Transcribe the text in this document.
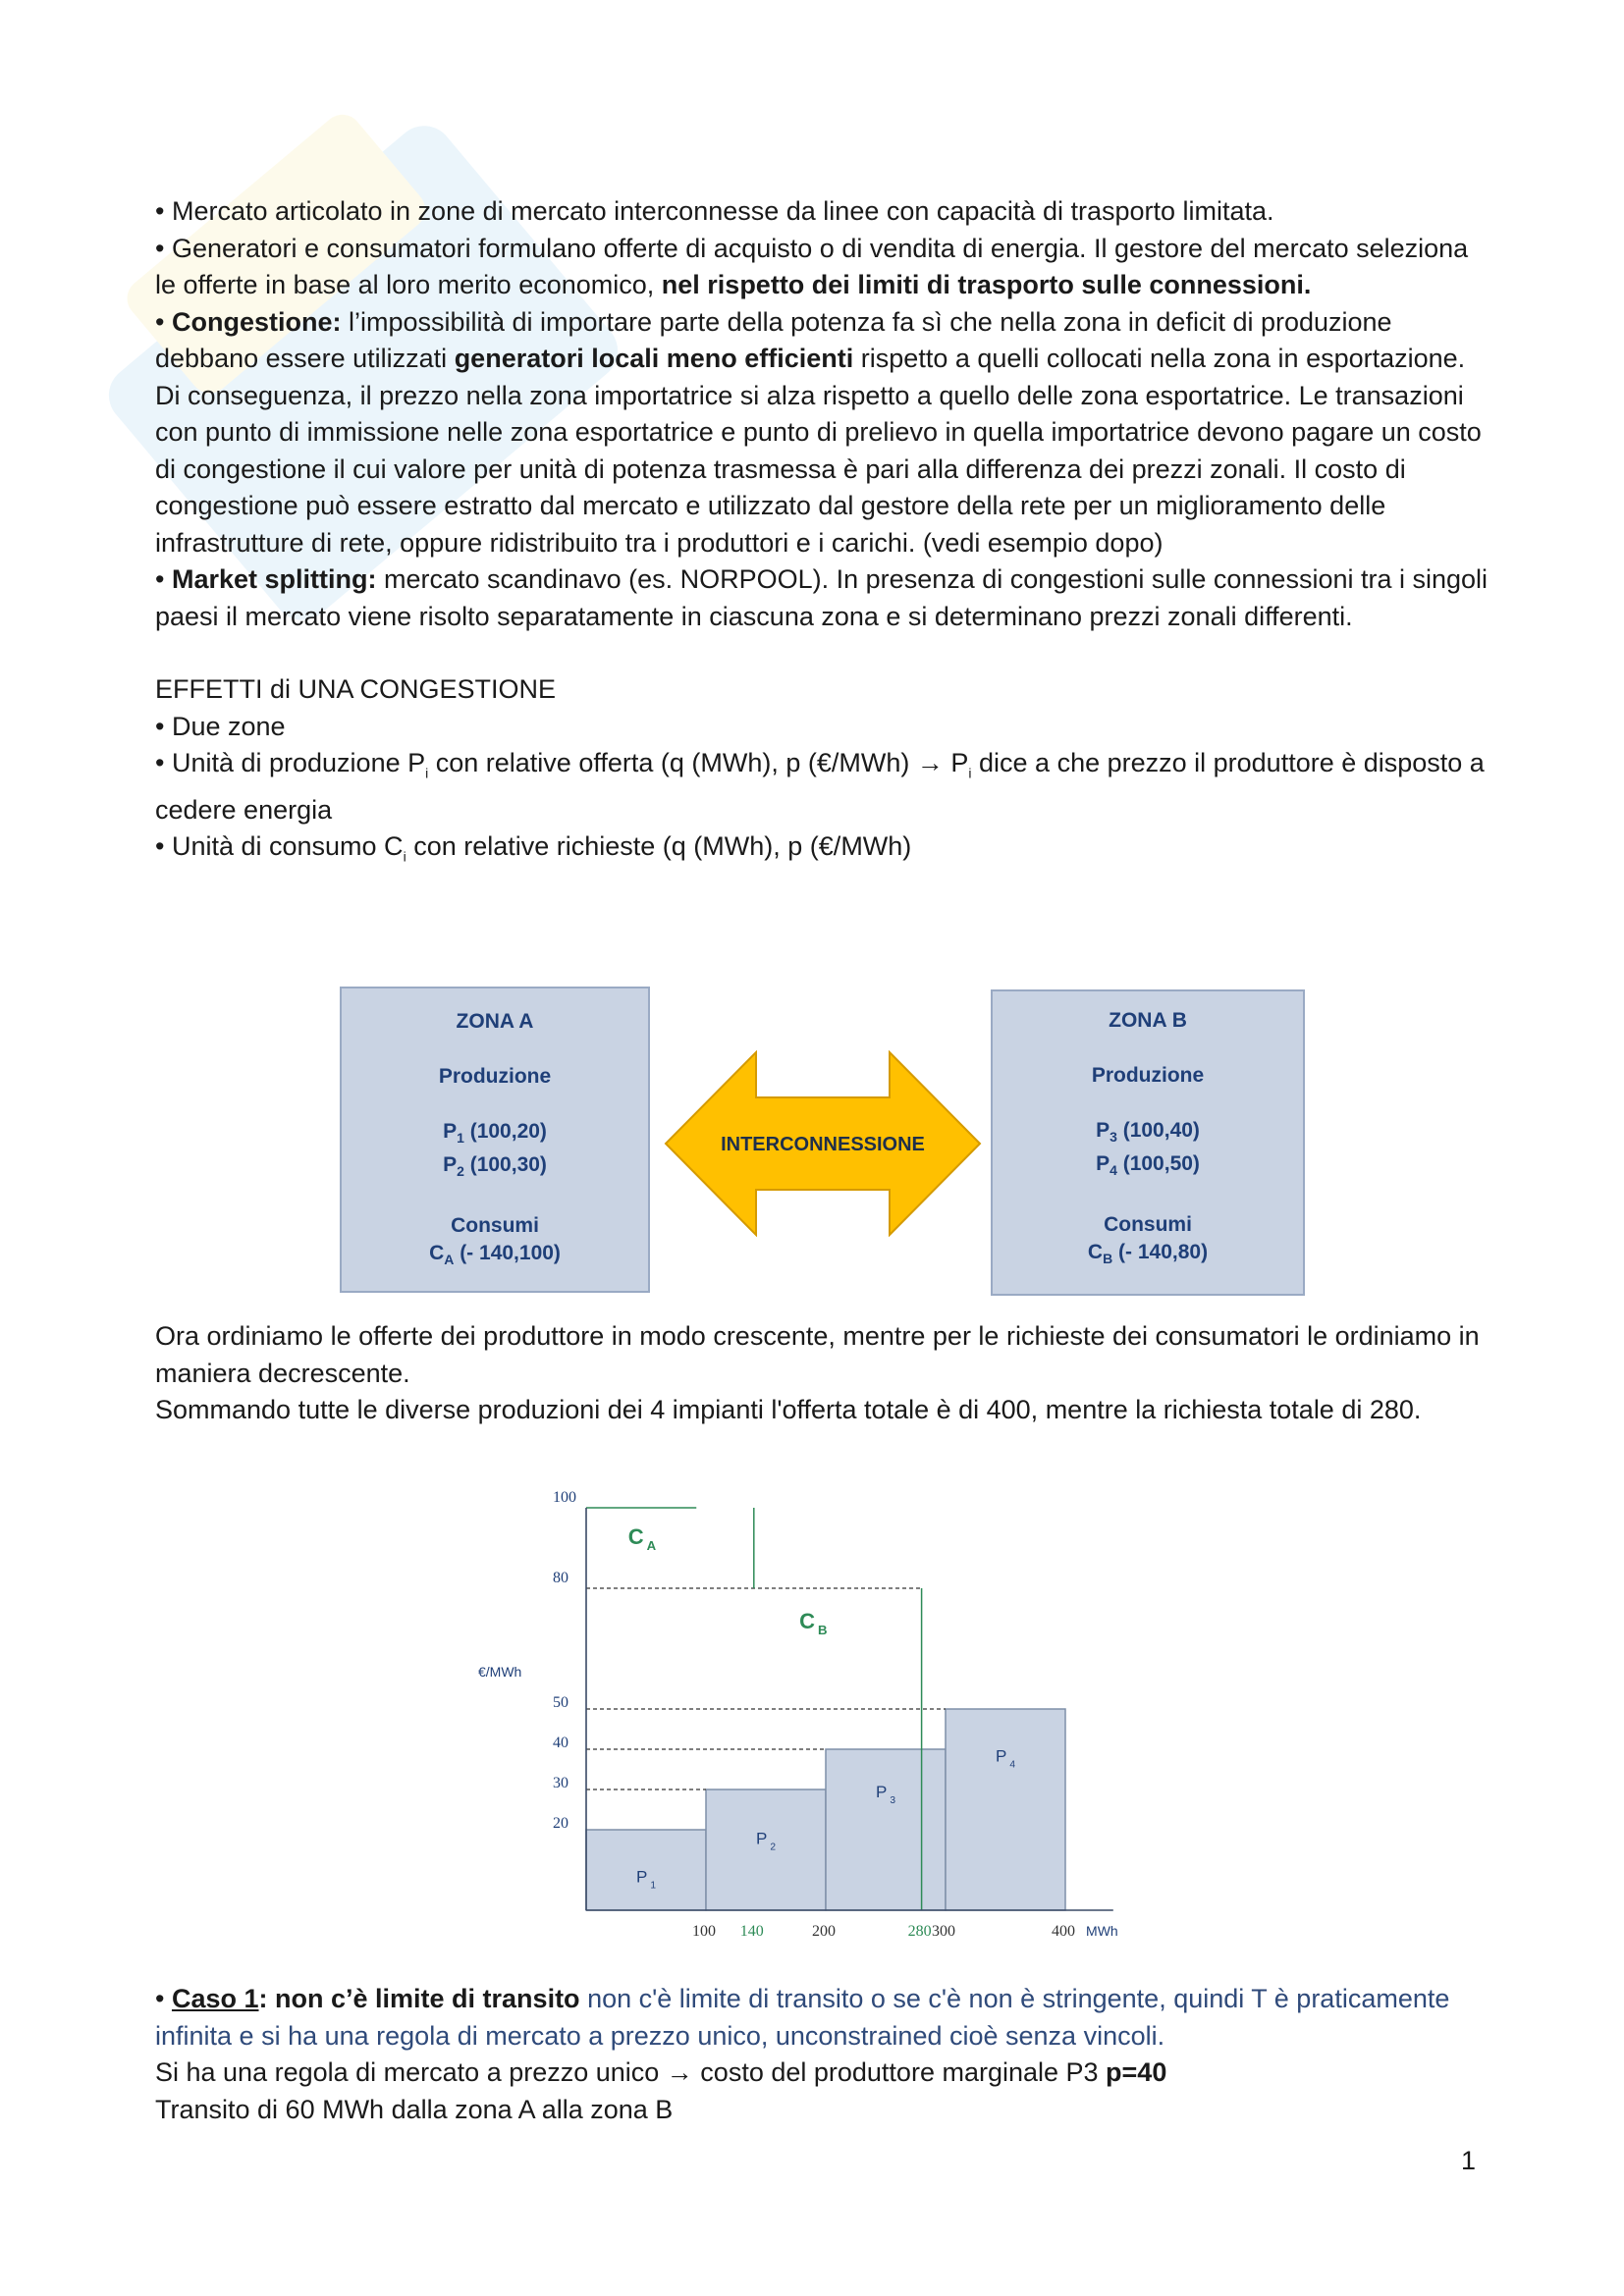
• Mercato articolato in zone di mercato interconnesse da linee con capacità di trasporto limitata.

• Generatori e consumatori formulano offerte di acquisto o di vendita di energia. Il gestore del mercato seleziona le offerte in base al loro merito economico, nel rispetto dei limiti di trasporto sulle connessioni.

• Congestione: l’impossibilità di importare parte della potenza fa sì che nella zona in deficit di produzione debbano essere utilizzati generatori locali meno efficienti rispetto a quelli collocati nella zona in esportazione. Di conseguenza, il prezzo nella zona importatrice si alza rispetto a quello delle zona esportatrice. Le transazioni con punto di immissione nelle zona esportatrice e punto di prelievo in quella importatrice devono pagare un costo di congestione il cui valore per unità di potenza trasmessa è pari alla differenza dei prezzi zonali. Il costo di congestione può essere estratto dal mercato e utilizzato dal gestore della rete per un miglioramento delle infrastrutture di rete, oppure ridistribuito tra i produttori e i carichi. (vedi esempio dopo)

• Market splitting: mercato scandinavo (es. NORPOOL). In presenza di congestioni sulle connessioni tra i singoli paesi il mercato viene risolto separatamente in ciascuna zona e si determinano prezzi zonali differenti.

EFFETTI di UNA CONGESTIONE

• Due zone

• Unità di produzione $P_i$ con relative offerta (q (MWh), p (€/MWh) → $P_i$ dice a che prezzo il produttore è disposto a cedere energia

• Unità di consumo $C_i$ con relative richieste (q (MWh), p (€/MWh)

ZONA A
Produzione
$P_1$ (100,20)
$P_2$ (100,30)
Consumi
$C_A$ (- 140,100)
INTERCONNESSIONE
ZONA B
Produzione
$P_3$ (100,40)
$P_4$ (100,50)
Consumi
$C_B$ (- 140,80)

Ora ordiniamo le offerte dei produttore in modo crescente, mentre per le richieste dei consumatori le ordiniamo in maniera decrescente.

Sommando tutte le diverse produzioni dei 4 impianti l'offerta totale è di 400, mentre la richiesta totale di 280.

P $_1$
P $_2$
P $_3$
P $_4$
C $_A$
C $_B$
100
80
50
40
30
20
€/MWh
100 140	200	280 300	400 MWh

• Caso 1: non c’è limite di transito non c'è limite di transito o se c'è non è stringente, quindi T è praticamente infinita e si ha una regola di mercato a prezzo unico, unconstrained cioè senza vincoli.

Si ha una regola di mercato a prezzo unico → costo del produttore marginale P3 p=40

Transito di 60 MWh dalla zona A alla zona B

1
